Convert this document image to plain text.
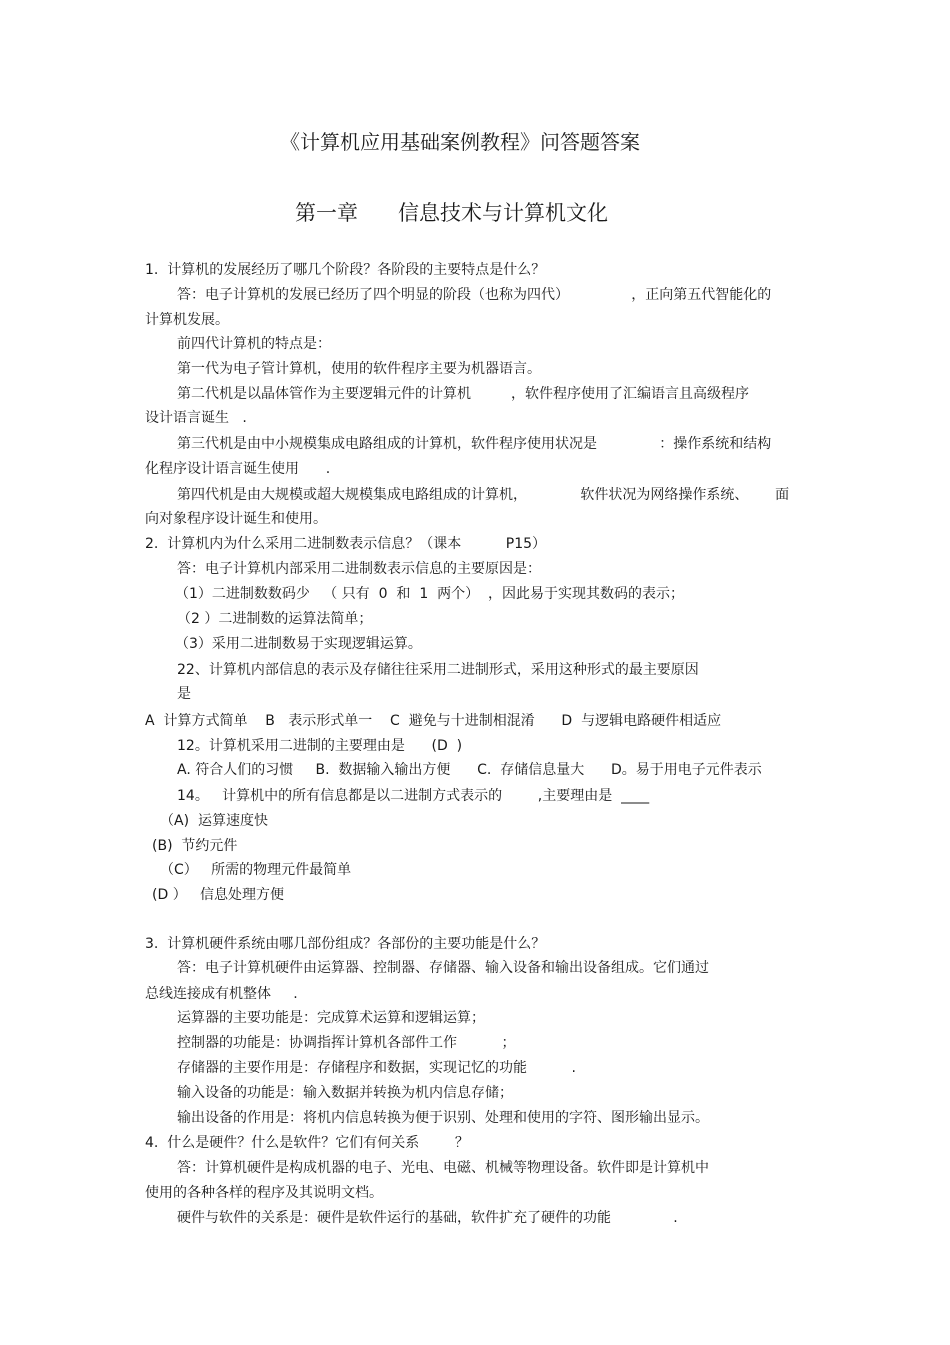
《计算机应用基础案例教程》问答题答案
第一章      信息技术与计算机文化
1.  计算机的发展经历了哪几个阶段？各阶段的主要特点是什么？
答：电子计算机的发展已经历了四个明显的阶段（也称为四代）              ，正向第五代智能化的
计算机发展。
前四代计算机的特点是：
第一代为电子管计算机，使用的软件程序主要为机器语言。
第二代机是以晶体管作为主要逻辑元件的计算机         ，软件程序使用了汇编语言且高级程序
设计语言诞生   .
第三代机是由中小规模集成电路组成的计算机，软件程序使用状况是              ：操作系统和结构
化程序设计语言诞生使用      .
第四代机是由大规模或超大规模集成电路组成的计算机，            软件状况为网络操作系统、      面
向对象程序设计诞生和使用。
2.  计算机内为什么采用二进制数表示信息？（课本          P15）
答：电子计算机内部采用二进制数表示信息的主要原因是：
（1）二进制数数码少   （ 只有  0  和  1  两个）  ，因此易于实现其数码的表示；
（2 ）二进制数的运算法简单；
（3）采用二进制数易于实现逻辑运算。
22、计算机内部信息的表示及存储往往采用二进制形式，采用这种形式的最主要原因
是
A  计算方式简单    B   表示形式单一    C  避免与十进制相混淆      D  与逻辑电路硬件相适应
12。计算机采用二进制的主要理由是      (D  )
A. 符合人们的习惯     B.  数据输入输出方便      C.  存储信息量大      D。易于用电子元件表示
14。   计算机中的所有信息都是以二进制方式表示的        ,主要理由是  ____
（A)  运算速度快
(B)  节约元件
（C）   所需的物理元件最简单
(D ）   信息处理方便
3.  计算机硬件系统由哪几部份组成？各部份的主要功能是什么？
答：电子计算机硬件由运算器、控制器、存储器、输入设备和输出设备组成。它们通过
总线连接成有机整体     .
运算器的主要功能是：完成算术运算和逻辑运算；
控制器的功能是：协调指挥计算机各部件工作          ；
存储器的主要作用是：存储程序和数据，实现记忆的功能          .
输入设备的功能是：输入数据并转换为机内信息存储；
输出设备的作用是：将机内信息转换为便于识别、处理和使用的字符、图形输出显示。
4.  什么是硬件？什么是软件？它们有何关系        ？
答：计算机硬件是构成机器的电子、光电、电磁、机械等物理设备。软件即是计算机中
使用的各种各样的程序及其说明文档。
硬件与软件的关系是：硬件是软件运行的基础，软件扩充了硬件的功能              .
